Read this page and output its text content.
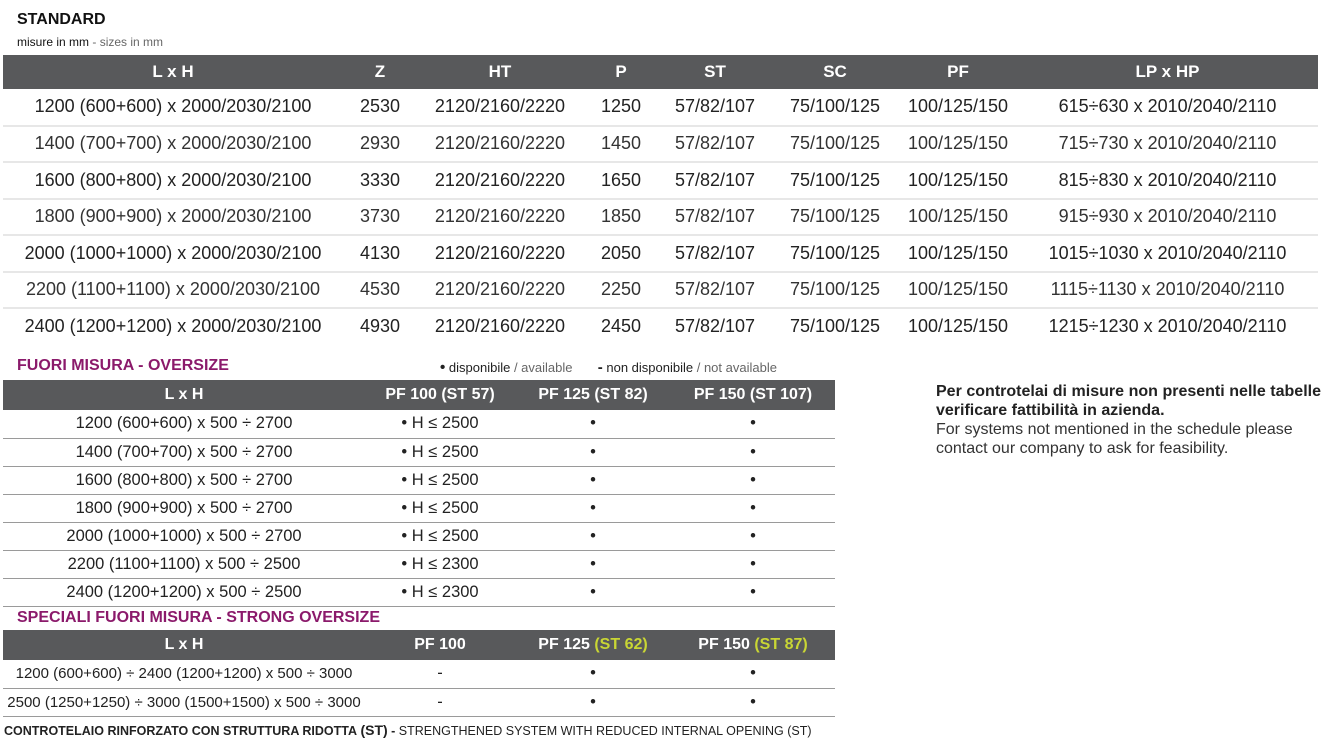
STANDARD
misure in mm - sizes in mm
L x H	Z	HT	P	ST	SC	PF	LP x HP
1200 (600+600) x 2000/2030/2100	2530	2120/2160/2220	1250	57/82/107	75/100/125	100/125/150	615÷630 x 2010/2040/2110
1400 (700+700) x 2000/2030/2100	2930	2120/2160/2220	1450	57/82/107	75/100/125	100/125/150	715÷730 x 2010/2040/2110
1600 (800+800) x 2000/2030/2100	3330	2120/2160/2220	1650	57/82/107	75/100/125	100/125/150	815÷830 x 2010/2040/2110
1800 (900+900) x 2000/2030/2100	3730	2120/2160/2220	1850	57/82/107	75/100/125	100/125/150	915÷930 x 2010/2040/2110
2000 (1000+1000) x 2000/2030/2100	4130	2120/2160/2220	2050	57/82/107	75/100/125	100/125/150	1015÷1030 x 2010/2040/2110
2200 (1100+1100) x 2000/2030/2100	4530	2120/2160/2220	2250	57/82/107	75/100/125	100/125/150	1115÷1130 x 2010/2040/2110
2400 (1200+1200) x 2000/2030/2100	4930	2120/2160/2220	2450	57/82/107	75/100/125	100/125/150	1215÷1230 x 2010/2040/2110
FUORI MISURA - OVERSIZE	• disponibile / available - non disponibile / not available
L x H	PF 100 (ST 57)	PF 125 (ST 82)	PF 150 (ST 107)
1200 (600+600) x 500 ÷ 2700	• H ≤ 2500	•	•
1400 (700+700) x 500 ÷ 2700	• H ≤ 2500	•	•
1600 (800+800) x 500 ÷ 2700	• H ≤ 2500	•	•
1800 (900+900) x 500 ÷ 2700	• H ≤ 2500	•	•
2000 (1000+1000) x 500 ÷ 2700	• H ≤ 2500	•	•
2200 (1100+1100) x 500 ÷ 2500	• H ≤ 2300	•	•
2400 (1200+1200) x 500 ÷ 2500	• H ≤ 2300	•	•
SPECIALI FUORI MISURA - STRONG OVERSIZE
L x H	PF 100	PF 125 (ST 62)	PF 150 (ST 87)
1200 (600+600) ÷ 2400 (1200+1200) x 500 ÷ 3000	-	•	•
2500 (1250+1250) ÷ 3000 (1500+1500) x 500 ÷ 3000	-	•	•
Per controtelai di misure non presenti nelle tabelle verificare fattibilità in azienda.
For systems not mentioned in the schedule please contact our company to ask for feasibility.
CONTROTELAIO RINFORZATO CON STRUTTURA RIDOTTA (ST) - STRENGTHENED SYSTEM WITH REDUCED INTERNAL OPENING (ST)
